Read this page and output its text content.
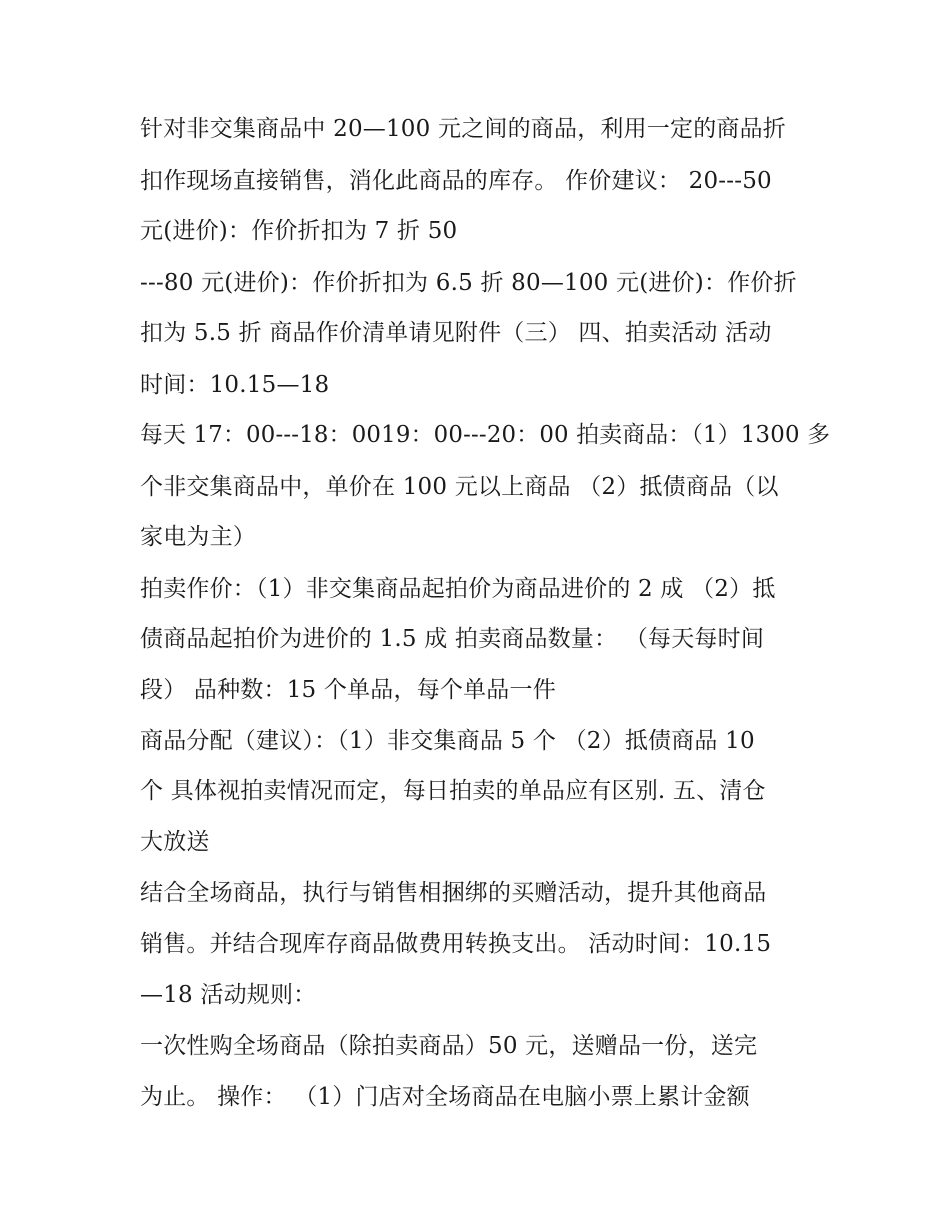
针对非交集商品中 20—100 元之间的商品，利用一定的商品折
扣作现场直接销售，消化此商品的库存。 作价建议： 20---50
元(进价)：作价折扣为 7 折 50
---80 元(进价)：作价折扣为 6.5 折 80—100 元(进价)：作价折
扣为 5.5 折 商品作价清单请见附件（三） 四、拍卖活动 活动
时间：10.15—18
每天 17：00---18：0019：00---20：00 拍卖商品：（1）1300 多
个非交集商品中，单价在 100 元以上商品 （2）抵债商品（以
家电为主）
拍卖作价：（1）非交集商品起拍价为商品进价的 2 成 （2）抵
债商品起拍价为进价的 1.5 成 拍卖商品数量： （每天每时间
段） 品种数：15 个单品，每个单品一件
商品分配（建议）：（1）非交集商品 5 个 （2）抵债商品 10
个 具体视拍卖情况而定，每日拍卖的单品应有区别. 五、清仓
大放送
结合全场商品，执行与销售相捆绑的买赠活动，提升其他商品
销售。并结合现库存商品做费用转换支出。 活动时间：10.15
—18 活动规则：
一次性购全场商品（除拍卖商品）50 元，送赠品一份，送完
为止。 操作： （1）门店对全场商品在电脑小票上累计金额
